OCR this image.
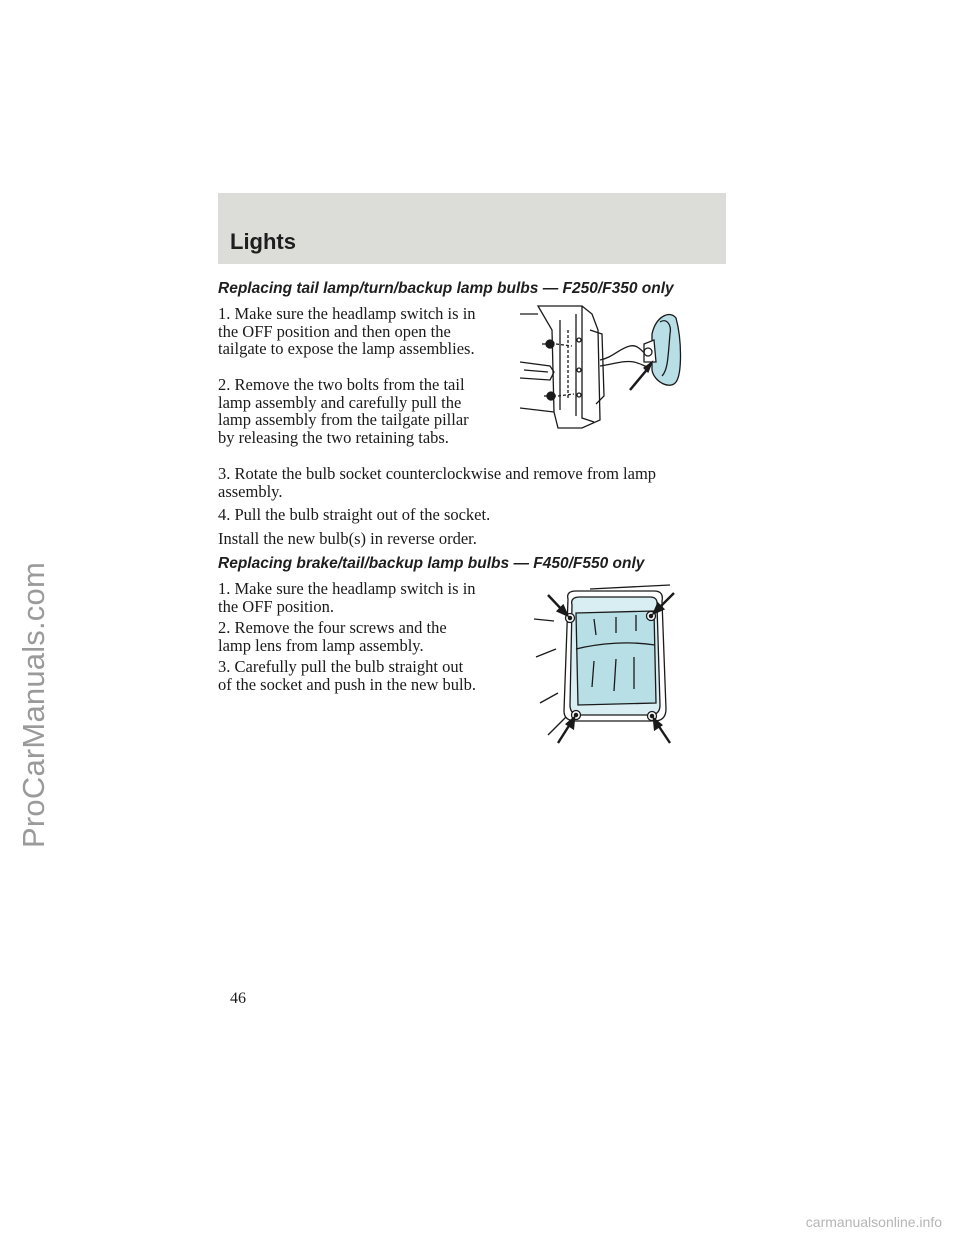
ProCarManuals.com
Lights
Replacing tail lamp/turn/backup lamp bulbs — F250/F350 only

1. Make sure the headlamp switch is in the OFF position and then open the tailgate to expose the lamp assemblies.

2. Remove the two bolts from the tail lamp assembly and carefully pull the lamp assembly from the tailgate pillar by releasing the two retaining tabs.

3. Rotate the bulb socket counterclockwise and remove from lamp assembly.

4. Pull the bulb straight out of the socket.

Install the new bulb(s) in reverse order.

Replacing brake/tail/backup lamp bulbs — F450/F550 only

1. Make sure the headlamp switch is in the OFF position.

2. Remove the four screws and the lamp lens from lamp assembly.

3. Carefully pull the bulb straight out of the socket and push in the new bulb.

46

carmanualsonline.info
